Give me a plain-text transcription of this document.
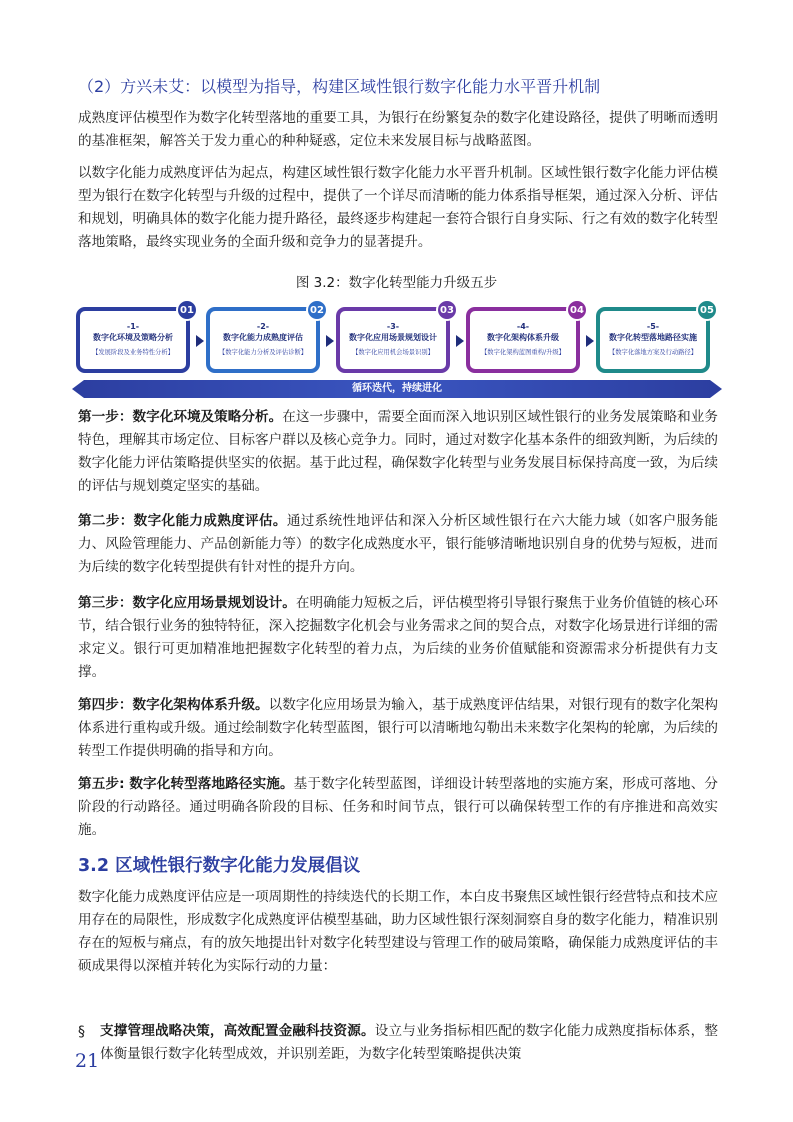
（2）方兴未艾：以模型为指导，构建区域性银行数字化能力水平晋升机制

成熟度评估模型作为数字化转型落地的重要工具，为银行在纷繁复杂的数字化建设路径，提供了明晰而透明的基准框架，解答关于发力重心的种种疑惑，定位未来发展目标与战略蓝图。

以数字化能力成熟度评估为起点，构建区域性银行数字化能力水平晋升机制。区域性银行数字化能力评估模型为银行在数字化转型与升级的过程中，提供了一个详尽而清晰的能力体系指导框架，通过深入分析、评估和规划，明确具体的数字化能力提升路径，最终逐步构建起一套符合银行自身实际、行之有效的数字化转型落地策略，最终实现业务的全面升级和竞争力的显著提升。

图 3.2：数字化转型能力升级五步
-1-
数字化环境及策略分析
【发展阶段及业务特性分析】
01
-2-
数字化能力成熟度评估
【数字化能力分析及评估诊断】
02
-3-
数字化应用场景规划设计
【数字化应用机会场景识别】
03
-4-
数字化架构体系升级
【数字化架构蓝图重构/升级】
04
-5-
数字化转型落地路径实施
【数字化落地方案及行动路径】
05
循环迭代，持续进化

第一步：数字化环境及策略分析。在这一步骤中，需要全面而深入地识别区域性银行的业务发展策略和业务特色，理解其市场定位、目标客户群以及核心竞争力。同时，通过对数字化基本条件的细致判断，为后续的数字化能力评估策略提供坚实的依据。基于此过程，确保数字化转型与业务发展目标保持高度一致，为后续的评估与规划奠定坚实的基础。

第二步：数字化能力成熟度评估。通过系统性地评估和深入分析区域性银行在六大能力域（如客户服务能力、风险管理能力、产品创新能力等）的数字化成熟度水平，银行能够清晰地识别自身的优势与短板，进而为后续的数字化转型提供有针对性的提升方向。

第三步：数字化应用场景规划设计。在明确能力短板之后，评估模型将引导银行聚焦于业务价值链的核心环节，结合银行业务的独特特征，深入挖掘数字化机会与业务需求之间的契合点，对数字化场景进行详细的需求定义。银行可更加精准地把握数字化转型的着力点，为后续的业务价值赋能和资源需求分析提供有力支撑。

第四步：数字化架构体系升级。以数字化应用场景为输入，基于成熟度评估结果，对银行现有的数字化架构体系进行重构或升级。通过绘制数字化转型蓝图，银行可以清晰地勾勒出未来数字化架构的轮廓，为后续的转型工作提供明确的指导和方向。

第五步: 数字化转型落地路径实施。基于数字化转型蓝图，详细设计转型落地的实施方案，形成可落地、分阶段的行动路径。通过明确各阶段的目标、任务和时间节点，银行可以确保转型工作的有序推进和高效实施。

3.2 区域性银行数字化能力发展倡议

数字化能力成熟度评估应是一项周期性的持续迭代的长期工作，本白皮书聚焦区域性银行经营特点和技术应用存在的局限性，形成数字化成熟度评估模型基础，助力区域性银行深刻洞察自身的数字化能力，精准识别存在的短板与痛点，有的放矢地提出针对数字化转型建设与管理工作的破局策略，确保能力成熟度评估的丰硕成果得以深植并转化为实际行动的力量：

§ 支撑管理战略决策，高效配置金融科技资源。设立与业务指标相匹配的数字化能力成熟度指标体系，整体衡量银行数字化转型成效，并识别差距，为数字化转型策略提供决策

21
